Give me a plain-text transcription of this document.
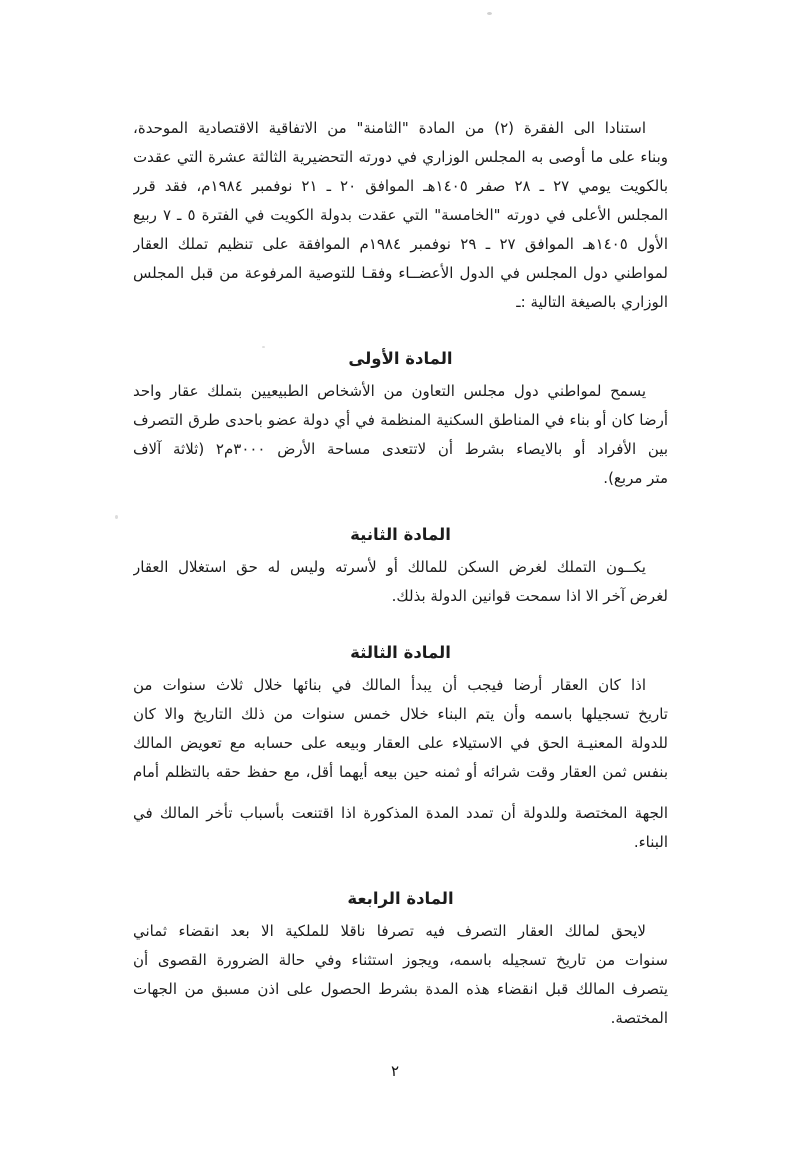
استنادا الى الفقرة (٢) من المادة "الثامنة" من الاتفاقية الاقتصادية الموحدة،
وبناء على ما أوصى به المجلس الوزاري في دورته التحضيرية الثالثة عشرة التي عقدت
بالكويت يومي ٢٧ ـ ٢٨ صفر ١٤٠٥هـ الموافق ٢٠ ـ ٢١ نوفمبر ١٩٨٤م، فقد قرر
المجلس الأعلى في دورته "الخامسة" التي عقدت بدولة الكويت في الفترة ٥ ـ ٧ ربيع
الأول ١٤٠٥هـ الموافق ٢٧ ـ ٢٩ نوفمبر ١٩٨٤م الموافقة على تنظيم تملك العقار
لمواطني دول المجلس في الدول الأعضــاء وفقـا للتوصية المرفوعة من قبل المجلس
الوزاري بالصيغة التالية :ـ
المادة الأولى
يسمح لمواطني دول مجلس التعاون من الأشخاص الطبيعيين بتملك عقار واحد
أرضا كان أو بناء في المناطق السكنية المنظمة في أي دولة عضو باحدى طرق التصرف
بين الأفراد أو بالايصاء بشرط أن لاتتعدى مساحة الأرض ٣٠٠٠م٢ (ثلاثة آلاف
متر مربع).
المادة الثانية
يكــون التملك لغرض السكن للمالك أو لأسرته وليس له حق استغلال العقار
لغرض آخر الا اذا سمحت قوانين الدولة بذلك.
المادة الثالثة
اذا كان العقار أرضا فيجب أن يبدأ المالك في بنائها خلال ثلاث سنوات من
تاريخ تسجيلها باسمه وأن يتم البناء خلال خمس سنوات من ذلك التاريخ والا كان
للدولة المعنيـة الحق في الاستيلاء على العقار وبيعه على حسابه مع تعويض المالك
بنفس ثمن العقار وقت شرائه أو ثمنه حين بيعه أيهما أقل، مع حفظ حقه بالتظلم أمام
الجهة المختصة وللدولة أن تمدد المدة المذكورة اذا اقتنعت بأسباب تأخر المالك في
البناء.
المادة الرابعة
لايحق لمالك العقار التصرف فيه تصرفا ناقلا للملكية الا بعد انقضاء ثماني
سنوات من تاريخ تسجيله باسمه، ويجوز استثناء وفي حالة الضرورة القصوى أن
يتصرف المالك قبل انقضاء هذه المدة بشرط الحصول على اذن مسبق من الجهات
المختصة.
٢
